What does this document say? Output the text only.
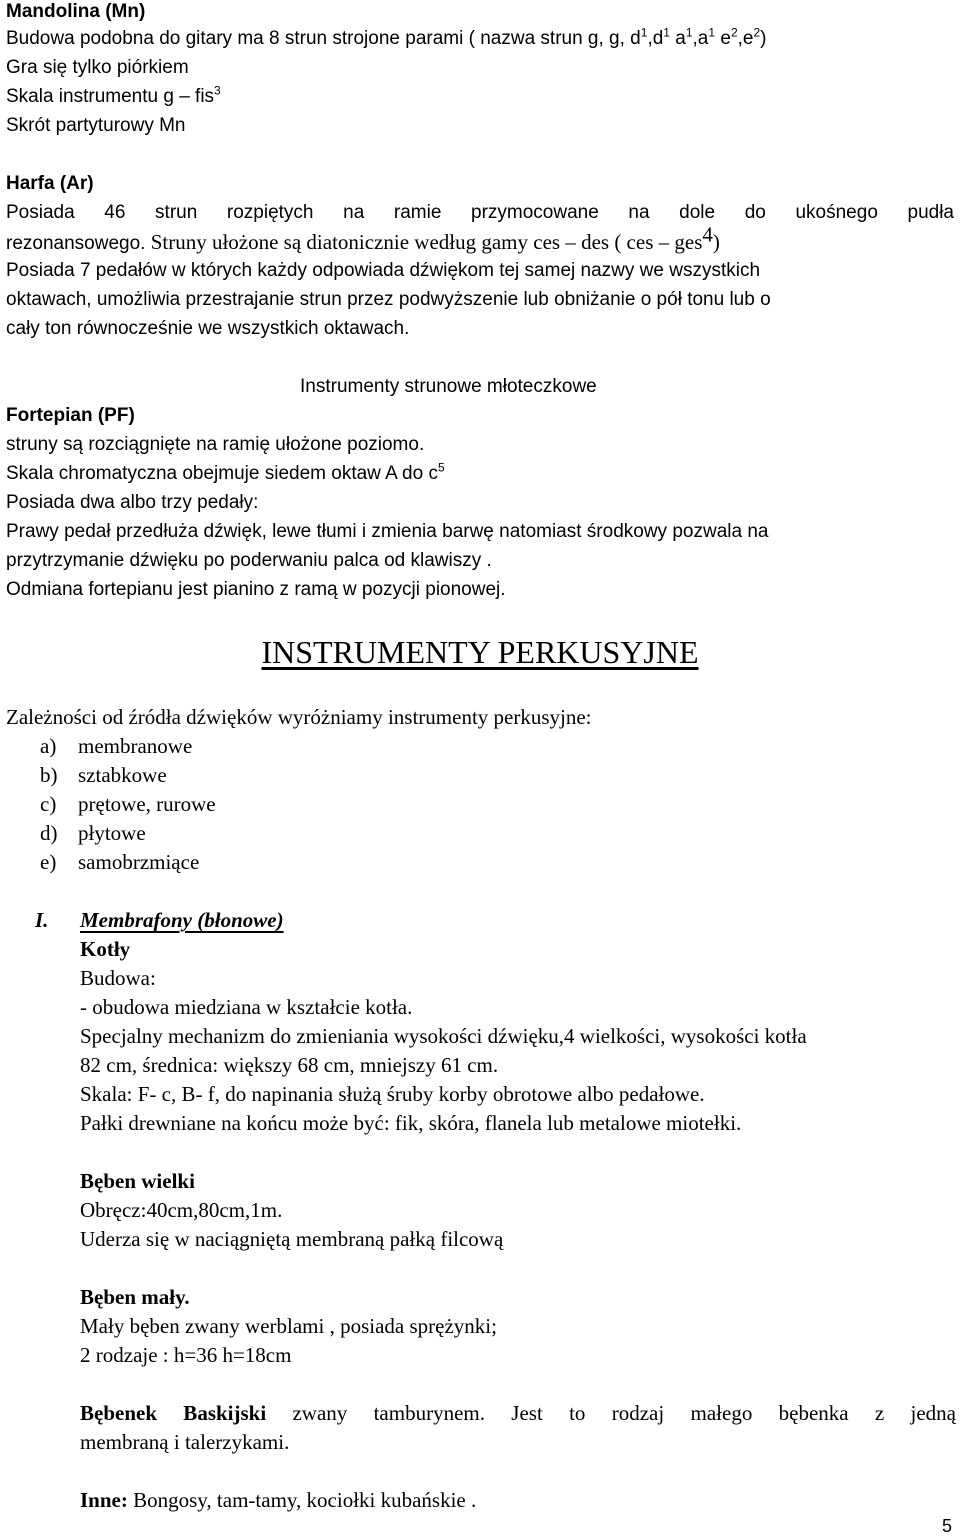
Mandolina (Mn)
Budowa podobna do gitary ma 8 strun strojone parami ( nazwa strun g, g, $d^1,d^1$ $a^1,a^1$ $e^2,e^2$)
Gra się tylko piórkiem
Skala instrumentu g – fis$^3$
Skrót partyturowy Mn
Harfa (Ar)
Posiada 46 strun rozpiętych na ramie przymocowane na dole do ukośnego pudła
rezonansowego. Struny ułożone są diatonicznie według gamy ces – des ( ces – ges$^4$)
Posiada 7 pedałów w których każdy odpowiada dźwiękom tej samej nazwy we wszystkich
oktawach, umożliwia przestrajanie strun przez podwyższenie lub obniżanie o pół tonu lub o
cały ton równocześnie we wszystkich oktawach.
Instrumenty strunowe młoteczkowe
Fortepian (PF)
struny są rozciągnięte na ramię ułożone poziomo.
Skala chromatyczna obejmuje siedem oktaw A do $c^5$
Posiada dwa albo trzy pedały:
Prawy pedał przedłuża dźwięk, lewe tłumi i zmienia barwę natomiast środkowy pozwala na
przytrzymanie dźwięku po poderwaniu palca od klawiszy .
Odmiana fortepianu jest pianino z ramą w pozycji pionowej.
INSTRUMENTY PERKUSYJNE
Zależności od źródła dźwięków wyróżniamy instrumenty perkusyjne:
a) membranowe
b) sztabkowe
c) prętowe, rurowe
d) płytowe
e) samobrzmiące
I. Membrafony (błonowe)
Kotły
Budowa:
- obudowa miedziana w kształcie kotła.
Specjalny mechanizm do zmieniania wysokości dźwięku,4 wielkości, wysokości kotła
82 cm, średnica: większy 68 cm, mniejszy 61 cm.
Skala: F- c, B- f, do napinania służą śruby korby obrotowe albo pedałowe.
Pałki drewniane na końcu może być: fik, skóra, flanela lub metalowe miotełki.
Bęben wielki
Obręcz:40cm,80cm,1m.
Uderza się w naciągniętą membraną pałką filcową
Bęben mały.
Mały bęben zwany werblami , posiada sprężynki;
2 rodzaje : h=36 h=18cm
Bębenek Baskijski zwany tamburynem. Jest to rodzaj małego bębenka z jedną
membraną i talerzykami.
Inne: Bongosy, tam-tamy, kociołki kubańskie .
5
